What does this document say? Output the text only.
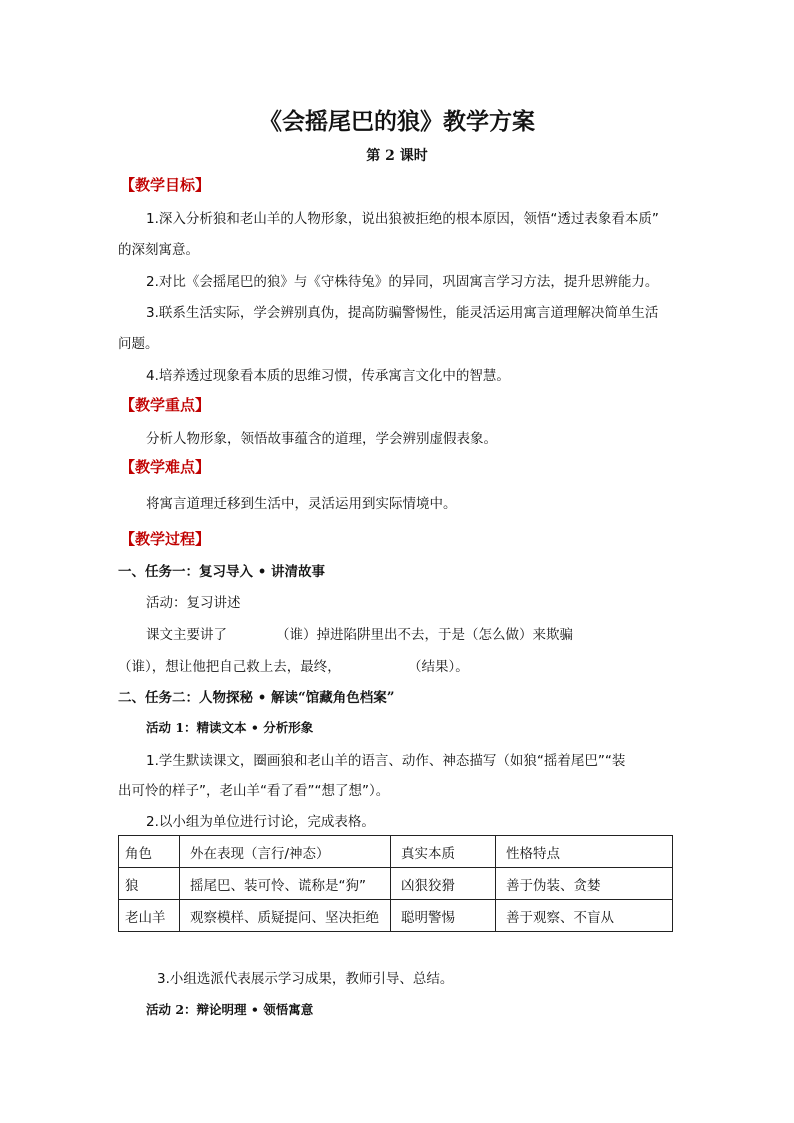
《会摇尾巴的狼》教学方案
第 2 课时
【教学目标】
1.深入分析狼和老山羊的人物形象，说出狼被拒绝的根本原因，领悟“透过表象看本质”
的深刻寓意。
2.对比《会摇尾巴的狼》与《守株待兔》的异同，巩固寓言学习方法，提升思辨能力。
3.联系生活实际，学会辨别真伪，提高防骗警惕性，能灵活运用寓言道理解决简单生活
问题。
4.培养透过现象看本质的思维习惯，传承寓言文化中的智慧。
【教学重点】
分析人物形象，领悟故事蕴含的道理，学会辨别虚假表象。
【教学难点】
将寓言道理迁移到生活中，灵活运用到实际情境中。
【教学过程】
一、任务一：复习导入 • 讲清故事
活动：复习讲述
课文主要讲了	（谁）掉进陷阱里出不去，于是（怎么做）来欺骗
（谁），想让他把自己救上去，最终，	（结果）。
二、任务二：人物探秘 • 解读“馆藏角色档案”
活动 1：精读文本 • 分析形象
1.学生默读课文，圈画狼和老山羊的语言、动作、神态描写（如狼“摇着尾巴”“装
出可怜的样子”，老山羊“看了看”“想了想”）。
2.以小组为单位进行讨论，完成表格。
角色	外在表现（言行/神态）	真实本质	性格特点
狼	摇尾巴、装可怜、谎称是“狗”	凶狠狡猾	善于伪装、贪婪
老山羊	观察模样、质疑提问、坚决拒绝	聪明警惕	善于观察、不盲从
3.小组选派代表展示学习成果，教师引导、总结。
活动 2：辩论明理 • 领悟寓意
